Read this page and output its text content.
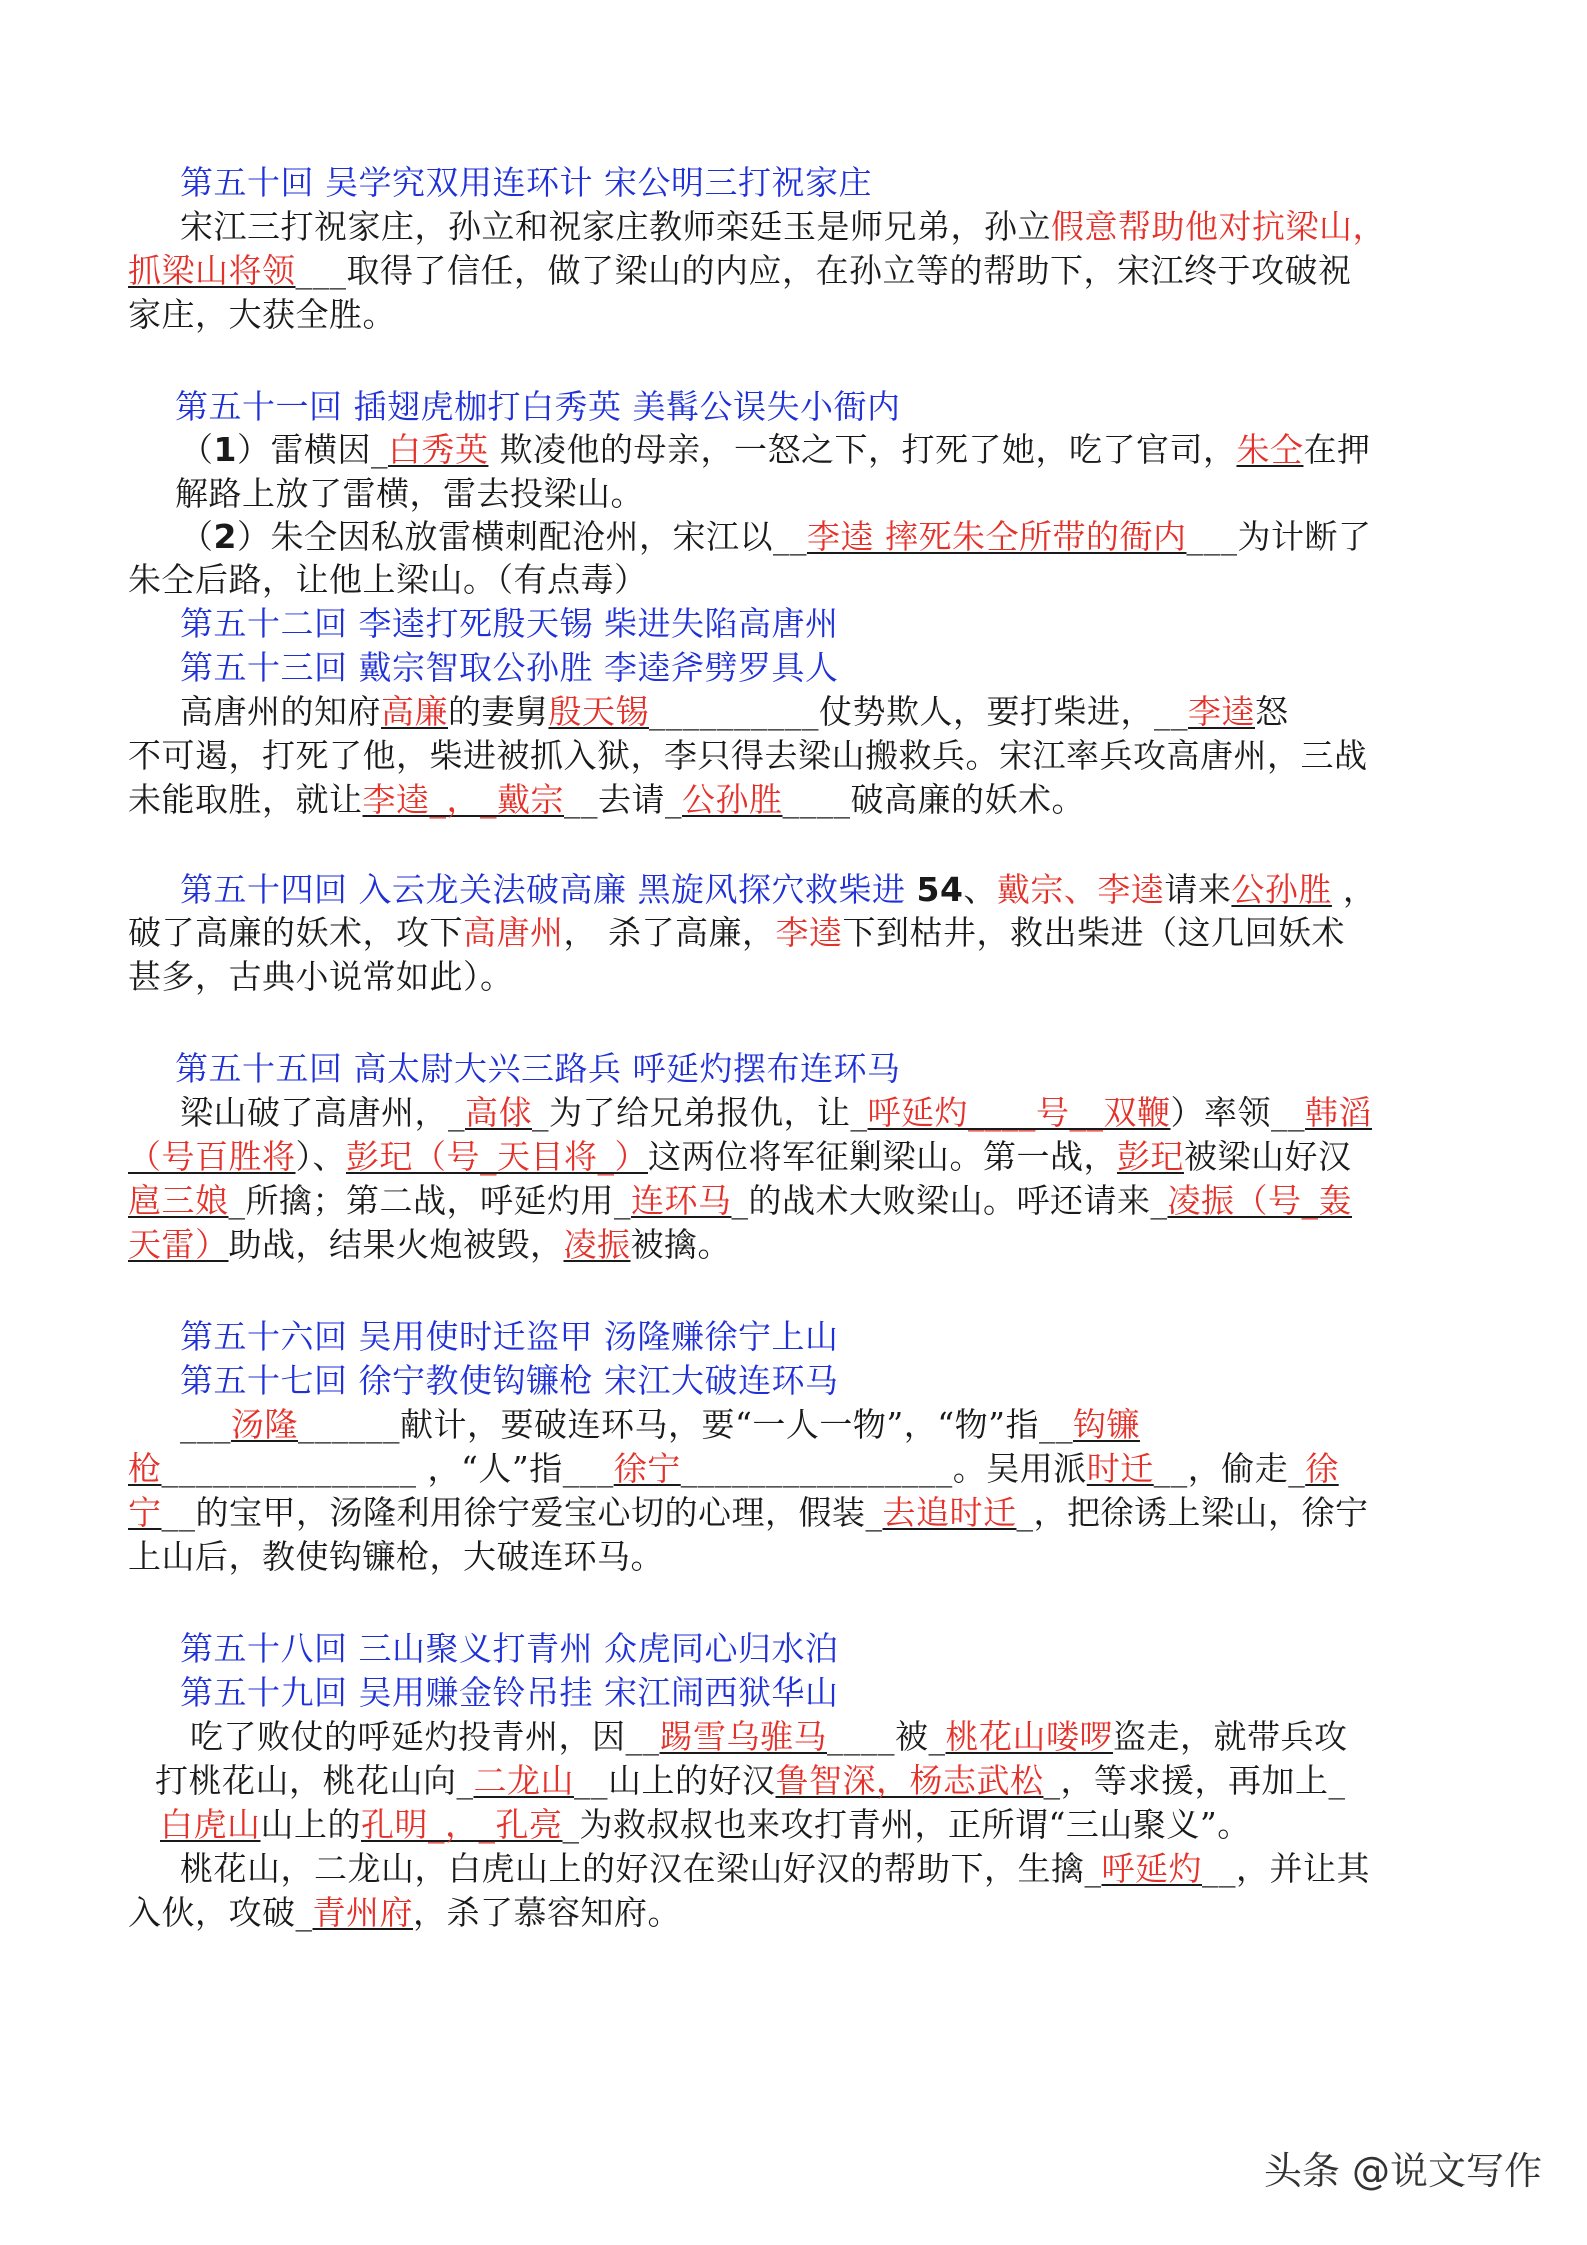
第五十回 吴学究双用连环计 宋公明三打祝家庄
宋江三打祝家庄，孙立和祝家庄教师栾廷玉是师兄弟，孙立假意帮助他对抗梁山，
抓梁山将领___取得了信任，做了梁山的内应，在孙立等的帮助下，宋江终于攻破祝
家庄，大获全胜。
第五十一回 插翅虎枷打白秀英 美髯公误失小衙内
（1）雷横因_白秀英 欺凌他的母亲，一怒之下，打死了她，吃了官司，朱仝在押
解路上放了雷横，雷去投梁山。
（2）朱仝因私放雷横刺配沧州，宋江以__李逵 摔死朱仝所带的衙内___为计断了
朱仝后路，让他上梁山。（有点毒）
第五十二回 李逵打死殷天锡 柴进失陷高唐州
第五十三回 戴宗智取公孙胜 李逵斧劈罗具人
高唐州的知府高廉的妻舅殷天锡__________仗势欺人，要打柴进，__李逵怒
不可遏，打死了他，柴进被抓入狱，李只得去梁山搬救兵。宋江率兵攻高唐州，三战
未能取胜，就让李逵_，_戴宗__去请_公孙胜____破高廉的妖术。
第五十四回 入云龙关法破高廉 黑旋风探穴救柴进 54、戴宗、李逵请来公孙胜 ，
破了高廉的妖术，攻下高唐州， 杀了高廉，李逵下到枯井，救出柴进（这几回妖术
甚多，古典小说常如此）。
第五十五回 高太尉大兴三路兵 呼延灼摆布连环马
梁山破了高唐州，_高俅_为了给兄弟报仇，让_呼延灼____号__双鞭）率领__韩滔
（号百胜将）、彭玘（号_天目将_）这两位将军征剿梁山。第一战，彭玘被梁山好汉
扈三娘_所擒；第二战，呼延灼用_连环马_的战术大败梁山。呼还请来_凌振（号_轰
天雷）助战，结果火炮被毁，凌振被擒。
第五十六回 吴用使时迁盗甲 汤隆赚徐宁上山
第五十七回 徐宁教使钩镰枪 宋江大破连环马
___汤隆______献计，要破连环马，要“一人一物”，“物”指__钩镰
枪_______________ ，“人”指___徐宁________________。吴用派时迁__，偷走_徐
宁__的宝甲，汤隆利用徐宁爱宝心切的心理，假装_去追时迁_，把徐诱上梁山，徐宁
上山后，教使钩镰枪，大破连环马。
第五十八回 三山聚义打青州 众虎同心归水泊
第五十九回 吴用赚金铃吊挂 宋江闹西狱华山
吃了败仗的呼延灼投青州，因__踢雪乌骓马____被_桃花山喽啰盗走，就带兵攻
打桃花山，桃花山向_二龙山__山上的好汉鲁智深，杨志武松_，等求援，再加上_
白虎山山上的孔明_，_孔亮_为救叔叔也来攻打青州，正所谓“三山聚义”。
桃花山，二龙山，白虎山上的好汉在梁山好汉的帮助下，生擒_呼延灼__，并让其
入伙，攻破_青州府，杀了慕容知府。
头条 @说文写作
